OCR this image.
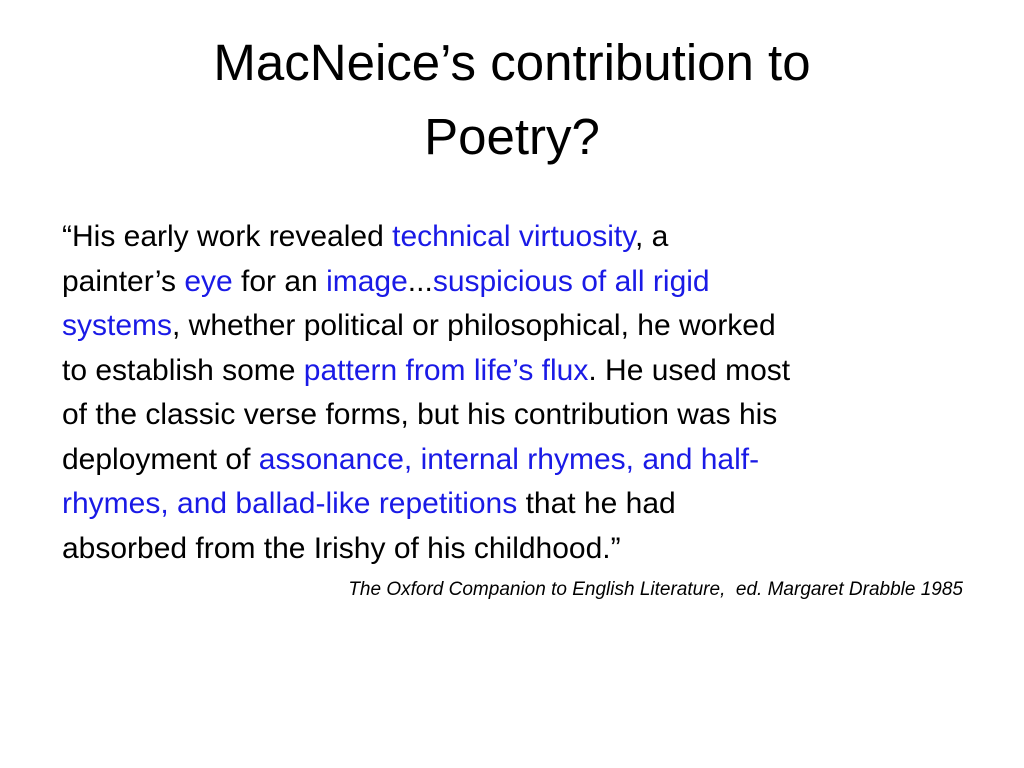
MacNeice’s contribution to
Poetry?
“His early work revealed technical virtuosity, a
painter’s eye for an image...suspicious of all rigid
systems, whether political or philosophical, he worked
to establish some pattern from life’s flux. He used most
of the classic verse forms, but his contribution was his
deployment of assonance, internal rhymes, and half-
rhymes, and ballad-like repetitions that he had
absorbed from the Irishy of his childhood.”
The Oxford Companion to English Literature,  ed. Margaret Drabble 1985
